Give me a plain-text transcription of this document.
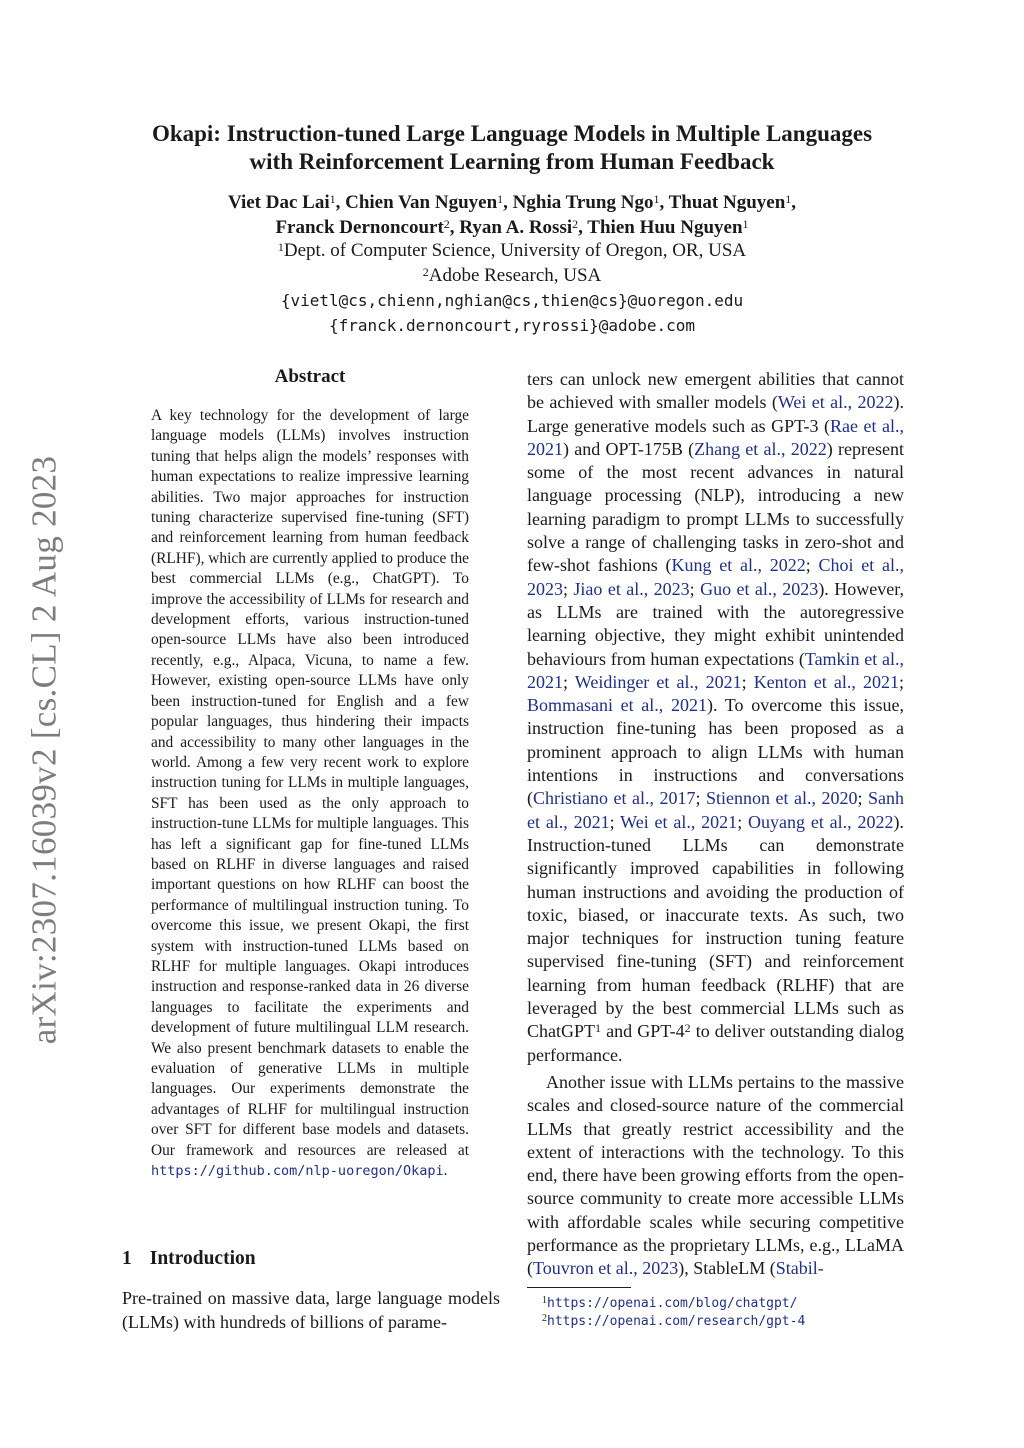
arXiv:2307.16039v2 [cs.CL] 2 Aug 2023
Okapi: Instruction-tuned Large Language Models in Multiple Languages
with Reinforcement Learning from Human Feedback
Viet Dac Lai$^1$, Chien Van Nguyen$^1$, Nghia Trung Ngo$^1$, Thuat Nguyen$^1$,
Franck Dernoncourt$^2$, Ryan A. Rossi$^2$, Thien Huu Nguyen$^1$
$^1$Dept. of Computer Science, University of Oregon, OR, USA
$^2$Adobe Research, USA
{vietl@cs,chienn,nghian@cs,thien@cs}@uoregon.edu
{franck.dernoncourt,ryrossi}@adobe.com
Abstract
A key technology for the development of large language models (LLMs) involves instruction tuning that helps align the models’ responses with human expectations to realize impressive learning abilities. Two major approaches for instruction tuning characterize supervised fine-tuning (SFT) and reinforcement learning from human feedback (RLHF), which are currently applied to produce the best commercial LLMs (e.g., ChatGPT). To improve the accessibility of LLMs for research and development efforts, various instruction-tuned open-source LLMs have also been introduced recently, e.g., Alpaca, Vicuna, to name a few. However, existing open-source LLMs have only been instruction-tuned for English and a few popular languages, thus hindering their impacts and accessibility to many other languages in the world. Among a few very recent work to explore instruction tuning for LLMs in multiple languages, SFT has been used as the only approach to instruction-tune LLMs for multiple languages. This has left a significant gap for fine-tuned LLMs based on RLHF in diverse languages and raised important questions on how RLHF can boost the performance of multilingual instruction tuning. To overcome this issue, we present Okapi, the first system with instruction-tuned LLMs based on RLHF for multiple languages. Okapi introduces instruction and response-ranked data in 26 diverse languages to facilitate the experiments and development of future multilingual LLM research. We also present benchmark datasets to enable the evaluation of generative LLMs in multiple languages. Our experiments demonstrate the advantages of RLHF for multilingual instruction over SFT for different base models and datasets. Our framework and resources are released at https://github.com/nlp-uoregon/Okapi.
1 Introduction
Pre-trained on massive data, large language models (LLMs) with hundreds of billions of parame-

ters can unlock new emergent abilities that cannot be achieved with smaller models (Wei et al., 2022). Large generative models such as GPT-3 (Rae et al., 2021) and OPT-175B (Zhang et al., 2022) represent some of the most recent advances in natural language processing (NLP), introducing a new learning paradigm to prompt LLMs to successfully solve a range of challenging tasks in zero-shot and few-shot fashions (Kung et al., 2022; Choi et al., 2023; Jiao et al., 2023; Guo et al., 2023). However, as LLMs are trained with the autoregressive learning objective, they might exhibit unintended behaviours from human expectations (Tamkin et al., 2021; Weidinger et al., 2021; Kenton et al., 2021; Bommasani et al., 2021). To overcome this issue, instruction fine-tuning has been proposed as a prominent approach to align LLMs with human intentions in instructions and conversations (Christiano et al., 2017; Stiennon et al., 2020; Sanh et al., 2021; Wei et al., 2021; Ouyang et al., 2022). Instruction-tuned LLMs can demonstrate significantly improved capabilities in following human instructions and avoiding the production of toxic, biased, or inaccurate texts. As such, two major techniques for instruction tuning feature supervised fine-tuning (SFT) and reinforcement learning from human feedback (RLHF) that are leveraged by the best commercial LLMs such as ChatGPT$^1$ and GPT-$4^2$ to deliver outstanding dialog performance.

Another issue with LLMs pertains to the massive scales and closed-source nature of the commercial LLMs that greatly restrict accessibility and the extent of interactions with the technology. To this end, there have been growing efforts from the open-source community to create more accessible LLMs with affordable scales while securing competitive performance as the proprietary LLMs, e.g., LLaMA (Touvron et al., 2023), StableLM (Stabil-

$^1$https://openai.com/blog/chatgpt/
$^2$https://openai.com/research/gpt-4
